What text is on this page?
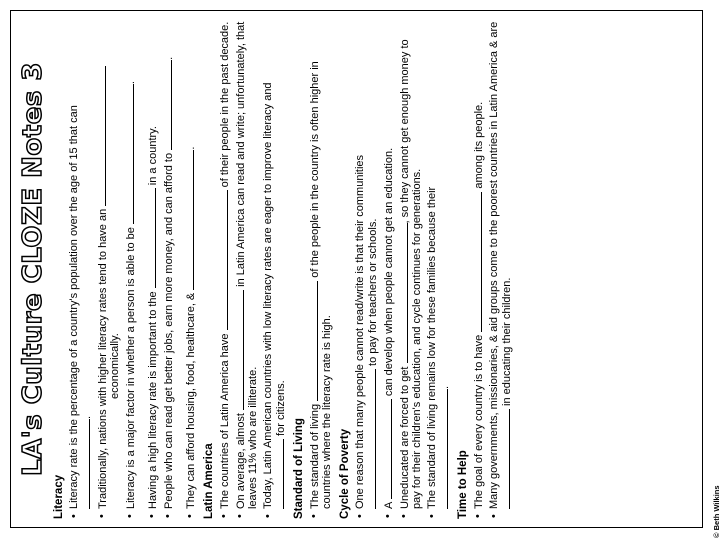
LA's Culture CLOZE Notes 3
Literacy • Literacy rate is the percentage of a country's population over the age of 15 that can . • Traditionally, nations with higher literacy rates tend to have an
economically. • Literacy is a major factor in whether a person is able to be .
• Having a high literacy rate is important to the  in a country. • People who can read get better jobs, earn more money, and can afford to .
• They can afford housing, food, healthcare, & .
Latin America • The countries of Latin America have  of their people in the past decade.
• On average, almost  in Latin America can read and write; unfortunately, that leaves 11% who are illiterate. • Today, Latin American countries with low literacy rates are eager to improve literacy and  for citizens.
Standard of Living • The standard of living  of the people in the country is often higher in countries where the literacy rate is high. Cycle of Poverty • One reason that many people cannot read/write is that their communities
to pay for teachers or schools.
• A  can develop when people cannot get an education.
• Uneducated are forced to get , so they cannot get enough money to pay for their children's education, and cycle continues for generations. • The standard of living remains low for these families because their
.
Time to Help • The goal of every country is to have  among its people. • Many governments, missionaries, & aid groups come to the poorest countries in Latin America & are  in educating their children.
© Beth Wilkins
